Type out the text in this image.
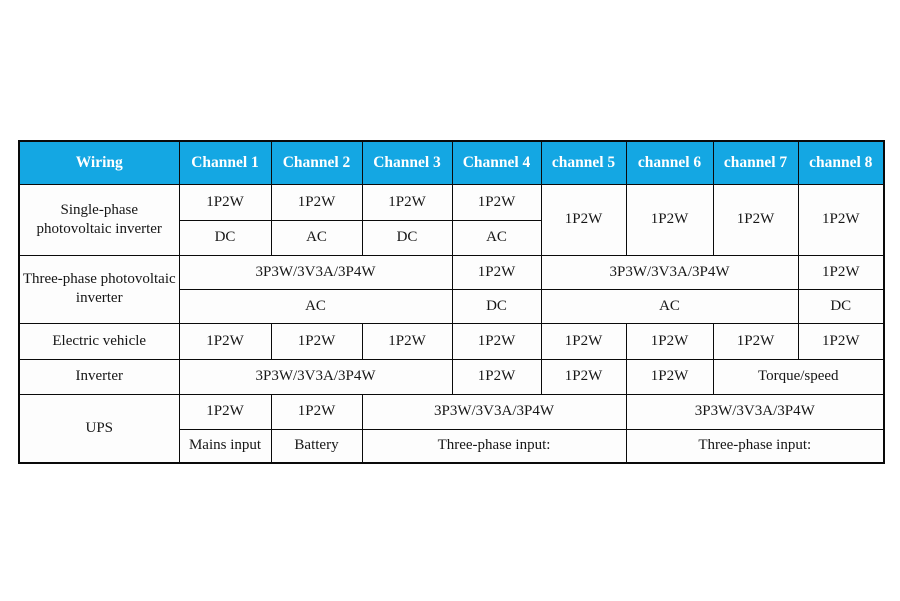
Wiring	Channel 1	Channel 2	Channel 3	Channel 4	channel 5	channel 6	channel 7	channel 8
Single-phase photovoltaic inverter	1P2W	1P2W	1P2W	1P2W	1P2W	1P2W	1P2W	1P2W
	DC	AC	DC	AC				
Three-phase photovoltaic inverter	3P3W/3V3A/3P4W			1P2W	3P3W/3V3A/3P4W			1P2W
	AC			DC	AC			DC
Electric vehicle	1P2W	1P2W	1P2W	1P2W	1P2W	1P2W	1P2W	1P2W
Inverter	3P3W/3V3A/3P4W			1P2W	1P2W	1P2W	Torque/speed	
UPS	1P2W	1P2W	3P3W/3V3A/3P4W			3P3W/3V3A/3P4W		
	Mains input	Battery	Three-phase input:			Three-phase input:		
